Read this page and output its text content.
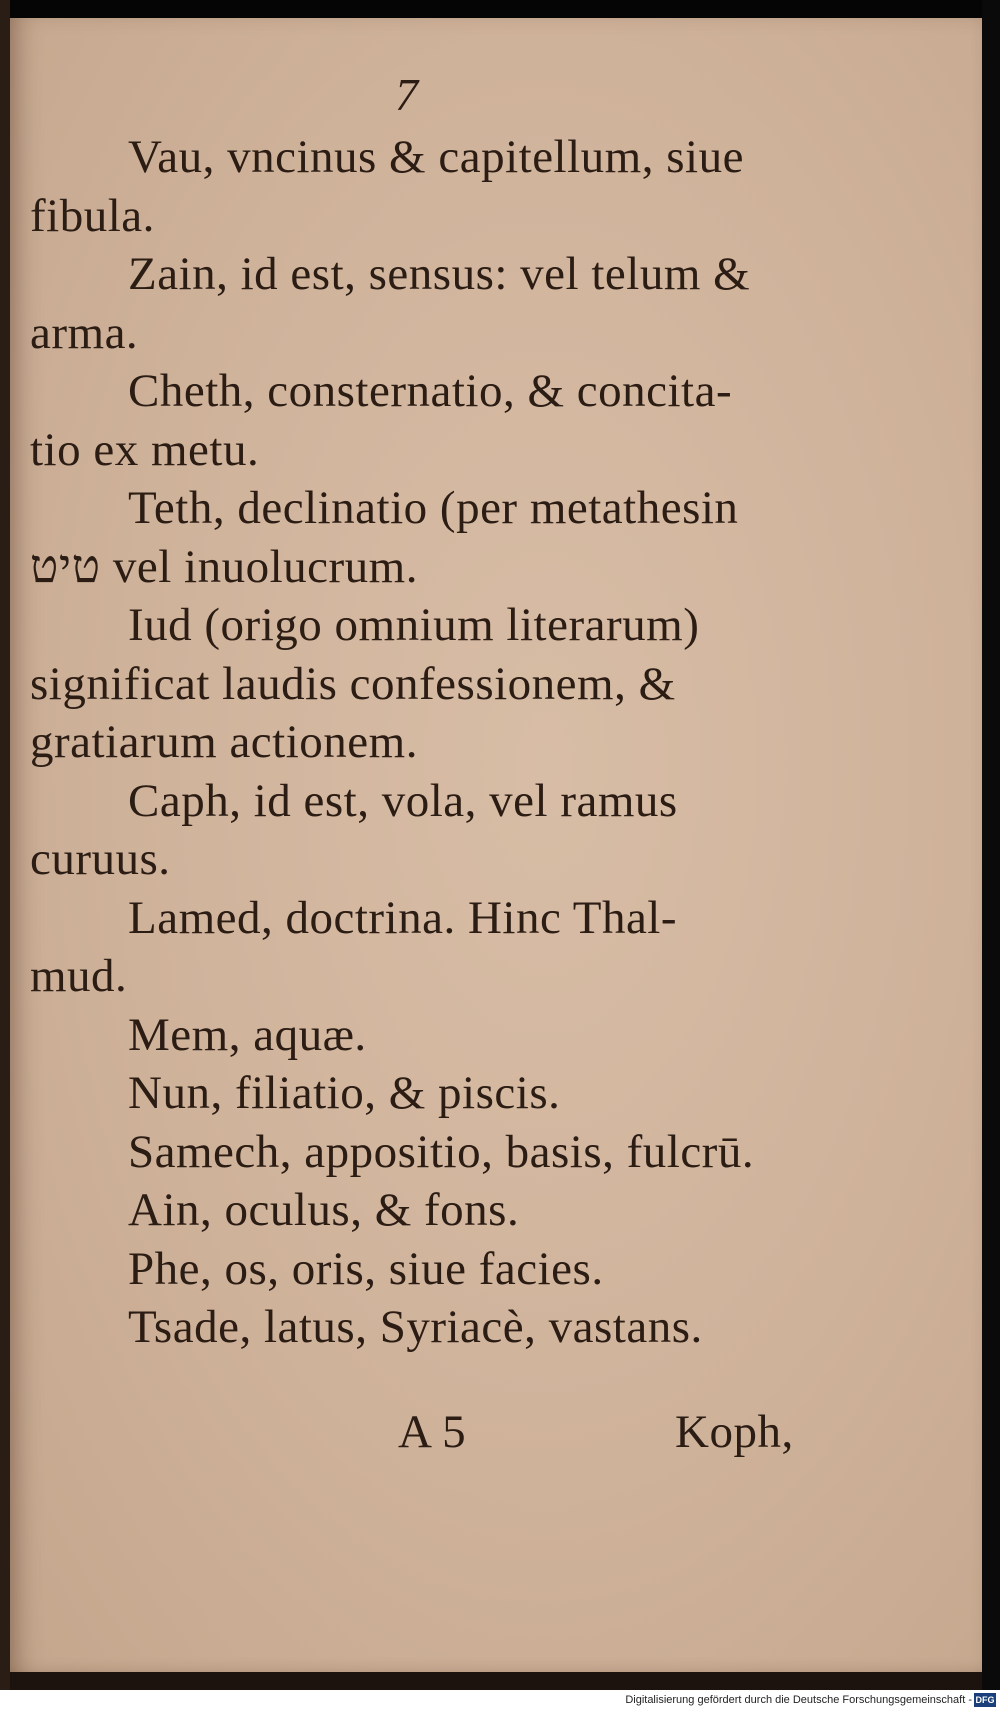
7
Vau, vncinus & capitellum, siue
fibula.
Zain, id est, sensus: vel telum &
arma.
Cheth, consternatio, & concita-
tio ex metu.
Teth, declinatio (per metathesin
טיט vel inuolucrum.
Iud (origo omnium literarum)
significat laudis confessionem, &
gratiarum actionem.
Caph, id est, vola, vel ramus
curuus.
Lamed, doctrina. Hinc Thal-
mud.
Mem, aquæ.
Nun, filiatio, & piscis.
Samech, appositio, basis, fulcrū.
Ain, oculus, & fons.
Phe, os, oris, siue facies.
Tsade, latus, Syriacè, vastans.
A 5	Koph,
Digitalisierung gefördert durch die Deutsche Forschungsgemeinschaft - DFG
